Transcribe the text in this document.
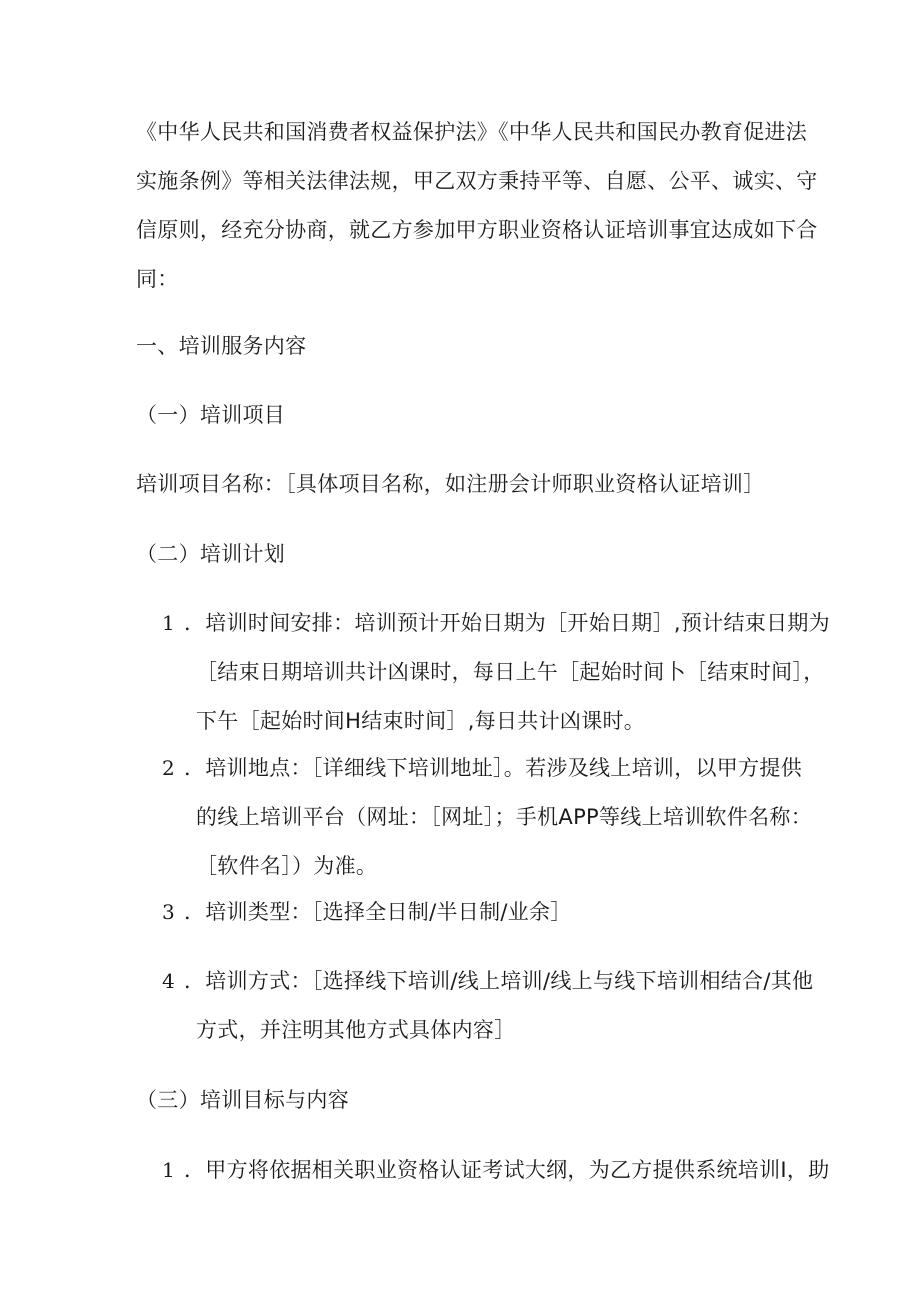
《中华人民共和国消费者权益保护法》《中华人民共和国民办教育促进法
实施条例》等相关法律法规，甲乙双方秉持平等、自愿、公平、诚实、守
信原则，经充分协商，就乙方参加甲方职业资格认证培训事宜达成如下合
同：
一、培训服务内容
（一）培训项目
培训项目名称：［具体项目名称，如注册会计师职业资格认证培训］
（二）培训计划
1 ．培训时间安排：培训预计开始日期为［开始日期］,预计结束日期为
［结束日期培训共计凶课时，每日上午［起始时间卜［结束时间］，
下午［起始时间H结束时间］,每日共计凶课时。
2 ．培训地点：［详细线下培训地址］。若涉及线上培训，以甲方提供
的线上培训平台（网址：［网址］；手机APP等线上培训软件名称：
［软件名］）为准。
3 ．培训类型：［选择全日制/半日制/业余］
4 ．培训方式：［选择线下培训/线上培训/线上与线下培训相结合/其他
方式，并注明其他方式具体内容］
（三）培训目标与内容
1 ．甲方将依据相关职业资格认证考试大纲，为乙方提供系统培训I，助
